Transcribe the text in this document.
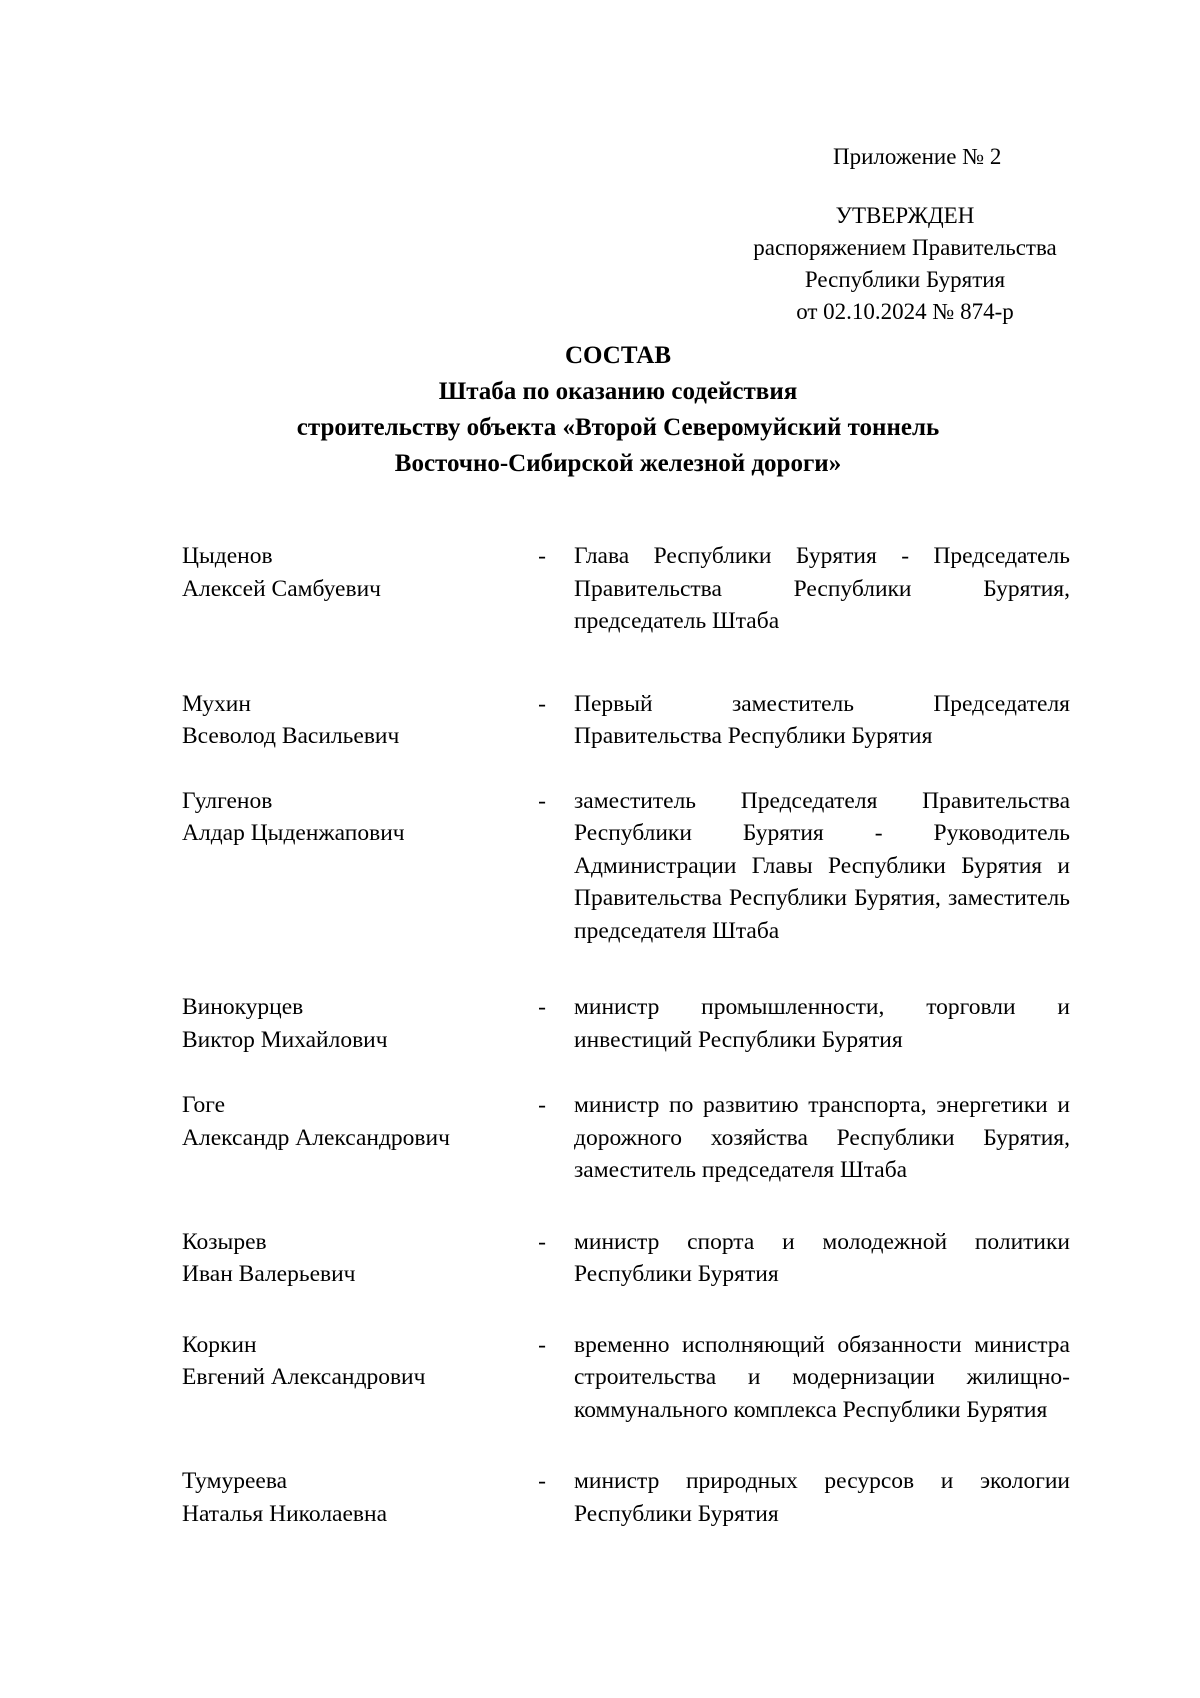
Приложение № 2
УТВЕРЖДЕН
распоряжением Правительства
Республики Бурятия
от 02.10.2024 № 874-р
СОСТАВ
Штаба по оказанию содействия
строительству объекта «Второй Северомуйский тоннель
Восточно-Сибирской железной дороги»
Цыденов
Алексей Самбуевич
- Глава Республики Бурятия - Председатель Правительства Республики Бурятия, председатель Штаба
Мухин
Всеволод Васильевич
- Первый заместитель Председателя Правительства Республики Бурятия
Гулгенов
Алдар Цыденжапович
- заместитель Председателя Правительства Республики Бурятия - Руководитель Администрации Главы Республики Бурятия и Правительства Республики Бурятия, заместитель председателя Штаба
Винокурцев
Виктор Михайлович
- министр промышленности, торговли и инвестиций Республики Бурятия
Гоге
Александр Александрович
- министр по развитию транспорта, энергетики и дорожного хозяйства Республики Бурятия, заместитель председателя Штаба
Козырев
Иван Валерьевич
- министр спорта и молодежной политики Республики Бурятия
Коркин
Евгений Александрович
- временно исполняющий обязанности министра строительства и модернизации жилищно-коммунального комплекса Республики Бурятия
Тумуреева
Наталья Николаевна
- министр природных ресурсов и экологии Республики Бурятия
